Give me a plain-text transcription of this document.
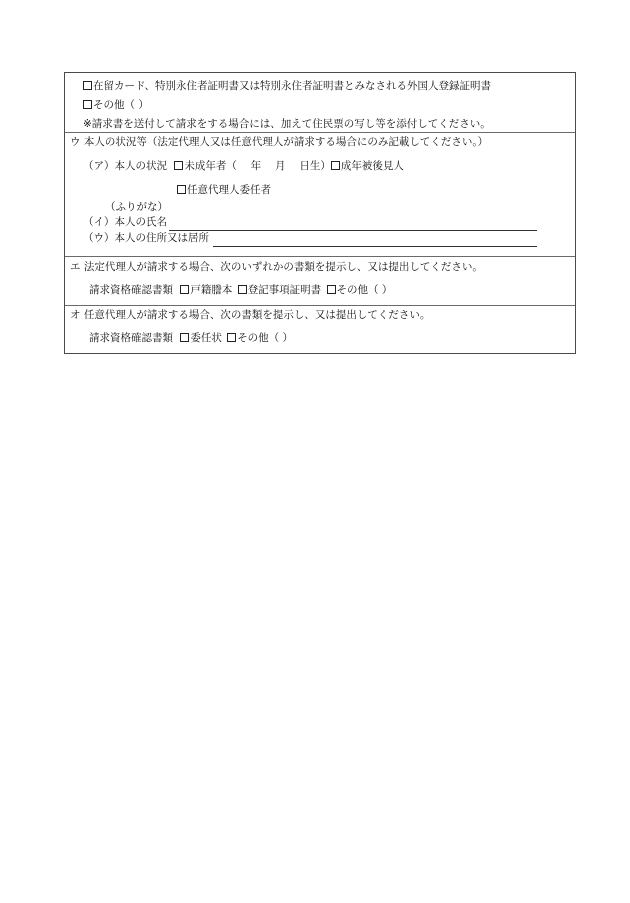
在留カード、特別永住者証明書又は特別永住者証明書とみなされる外国人登録証明書
その他（ ）
※請求書を送付して請求をする場合には、加えて住民票の写し等を添付してください。
ウ 本人の状況等（法定代理人又は任意代理人が請求する場合にのみ記載してください。）
（ア）本人の状況 未成年者（　 年　 月　 日生） 成年被後見人
任意代理人委任者
（ふりがな）
（イ）本人の氏名
（ウ）本人の住所又は居所
エ 法定代理人が請求する場合、次のいずれかの書類を提示し、又は提出してください。
請求資格確認書類 戸籍謄本 登記事項証明書 その他（ ）
オ 任意代理人が請求する場合、次の書類を提示し、又は提出してください。
請求資格確認書類 委任状 その他（ ）
